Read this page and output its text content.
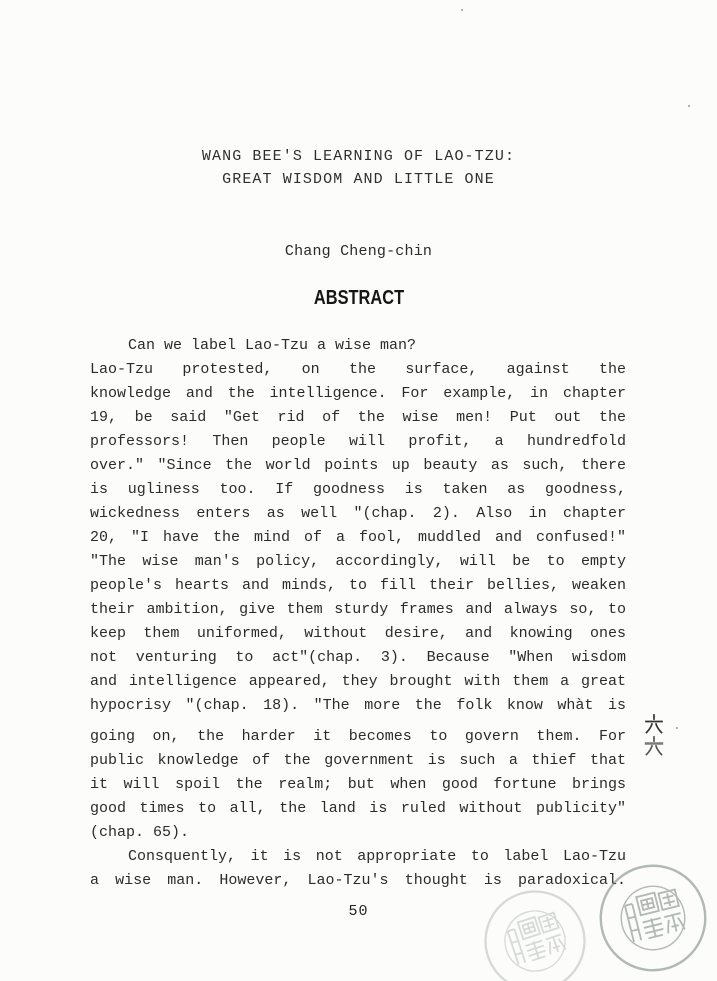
WANG BEE'S LEARNING OF LAO-TZU:
GREAT WISDOM AND LITTLE ONE
Chang Cheng-chin
ABSTRACT
Can we label Lao-Tzu a wise man?
Lao-Tzu protested, on the surface, against the
knowledge and the intelligence. For example, in chapter
19, be said "Get rid of the wise men! Put out the
professors! Then people will profit, a hundredfold
over." "Since the world points up beauty as such, there
is ugliness too. If goodness is taken as goodness,
wickedness enters as well "(chap. 2). Also in chapter
20, "I have the mind of a fool, muddled and confused!"
"The wise man's policy, accordingly, will be to empty
people's hearts and minds, to fill their bellies, weaken
their ambition, give them sturdy frames and always so, to
keep them uniformed, without desire, and knowing ones
not venturing to act"(chap. 3). Because "When wisdom
and intelligence appeared, they brought with them a great
hypocrisy "(chap. 18). "The more the folk know whàt is
going on, the harder it becomes to govern them. For
public knowledge of the government is such a thief that
it will spoil the realm; but when good fortune brings
good times to all, the land is ruled without publicity"
(chap. 65).
Consquently, it is not appropriate to label Lao-Tzu
a wise man. However, Lao-Tzu's thought is paradoxical.
50
